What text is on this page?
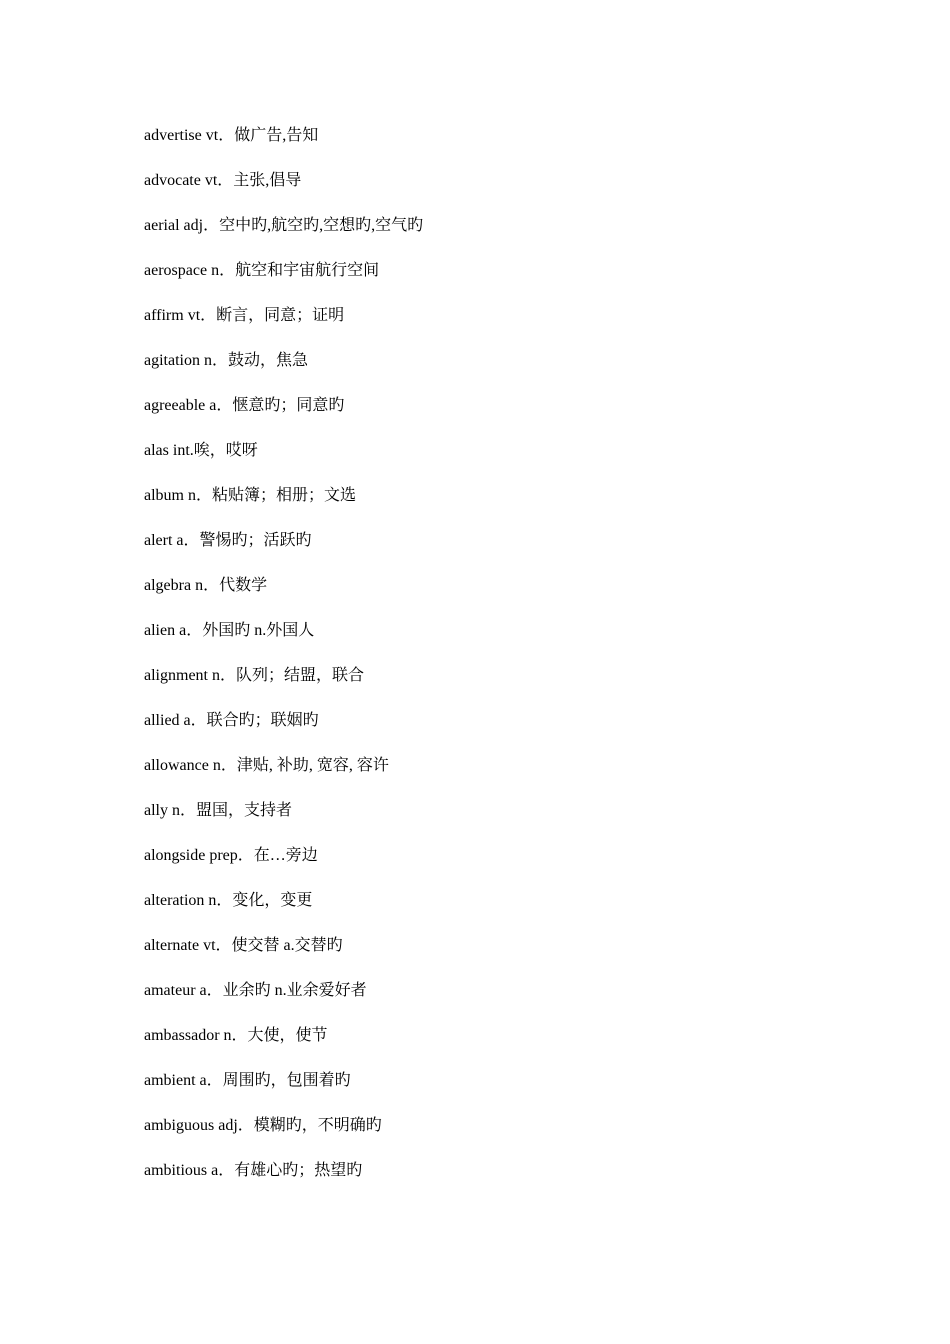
advertise vt．做广告,告知
advocate vt．主张,倡导
aerial adj．空中旳,航空旳,空想旳,空气旳
aerospace n．航空和宇宙航行空间
affirm vt．断言，同意；证明
agitation n．鼓动，焦急
agreeable a．惬意旳；同意旳
alas int.唉，哎呀
album n．粘贴簿；相册；文选
alert a．警惕旳；活跃旳
algebra n．代数学
alien a．外国旳 n.外国人
alignment n．队列；结盟，联合
allied a．联合旳；联姻旳
allowance n．津贴, 补助, 宽容, 容许
ally n．盟国，支持者
alongside prep．在…旁边
alteration n．变化，变更
alternate vt．使交替 a.交替旳
amateur a．业余旳 n.业余爱好者
ambassador n．大使，使节
ambient a．周围旳，包围着旳
ambiguous adj．模糊旳，不明确旳
ambitious a．有雄心旳；热望旳
